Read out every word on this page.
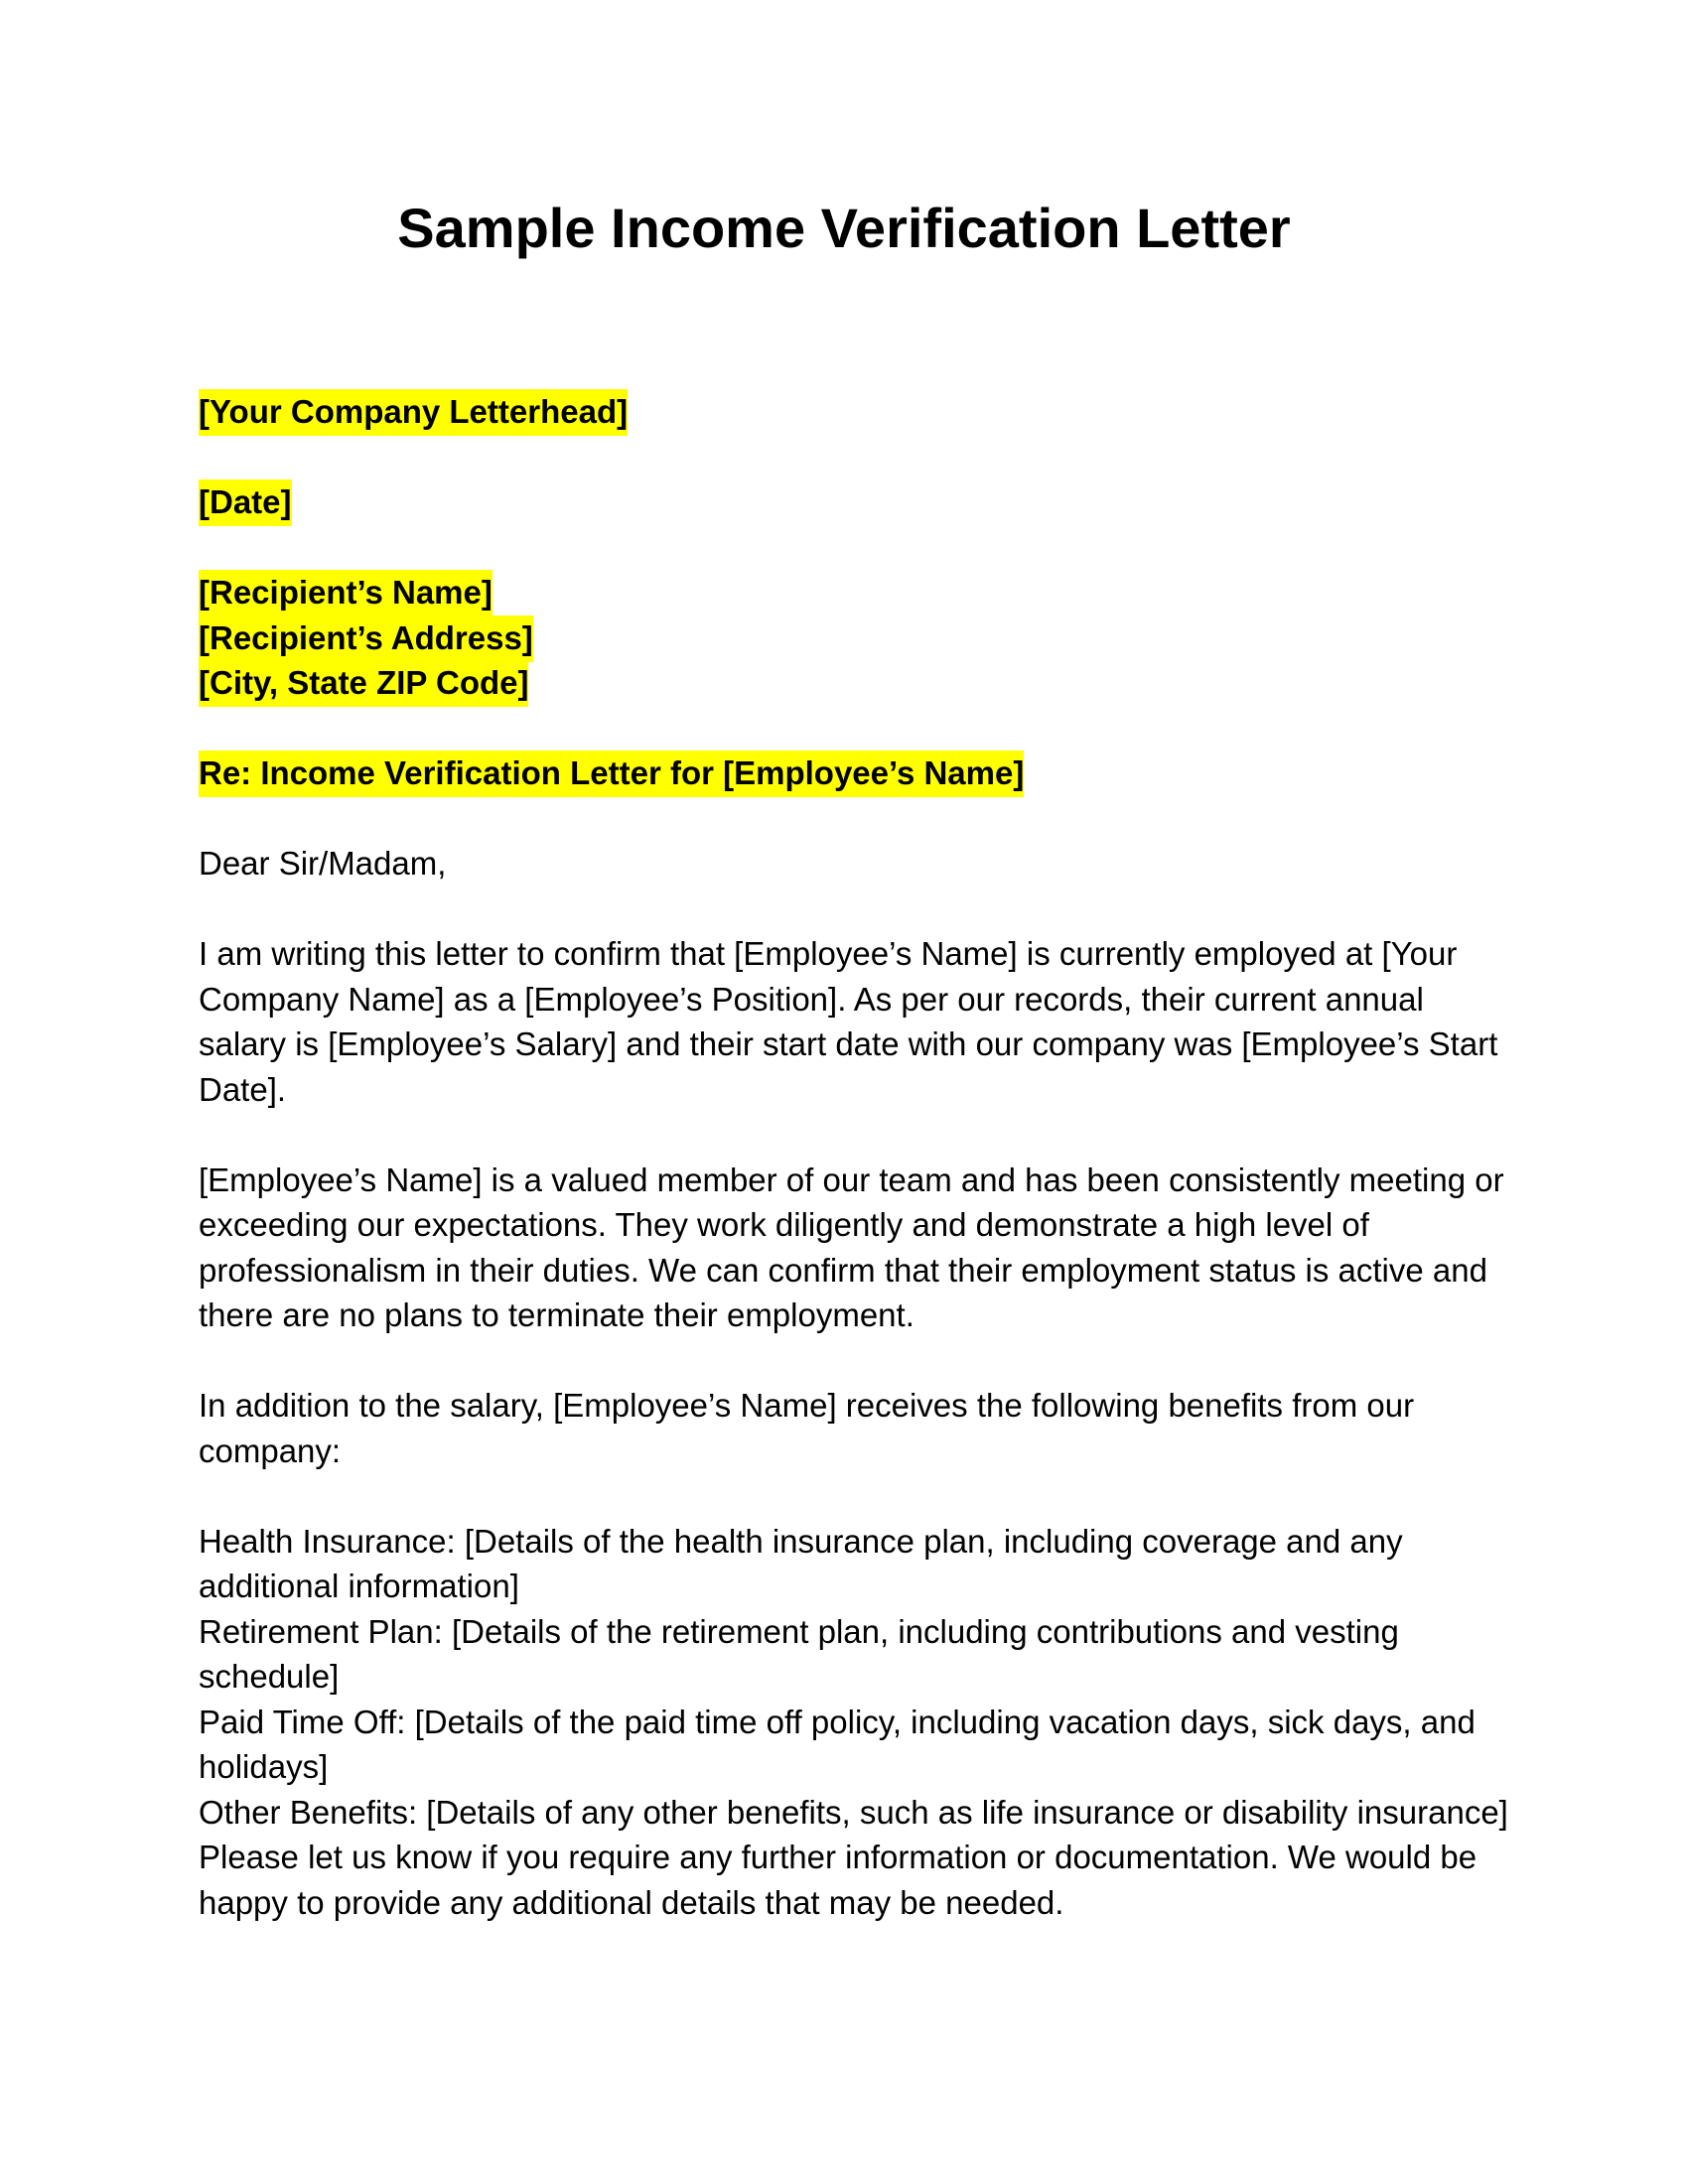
Sample Income Verification Letter
[Your Company Letterhead]
[Date]
[Recipient’s Name]
[Recipient’s Address]
[City, State ZIP Code]
Re: Income Verification Letter for [Employee’s Name]

Dear Sir/Madam,

I am writing this letter to confirm that [Employee’s Name] is currently employed at [Your Company Name] as a [Employee’s Position]. As per our records, their current annual salary is [Employee’s Salary] and their start date with our company was [Employee’s Start Date].

[Employee’s Name] is a valued member of our team and has been consistently meeting or exceeding our expectations. They work diligently and demonstrate a high level of professionalism in their duties. We can confirm that their employment status is active and there are no plans to terminate their employment.

In addition to the salary, [Employee’s Name] receives the following benefits from our company:

Health Insurance: [Details of the health insurance plan, including coverage and any additional information]

Retirement Plan: [Details of the retirement plan, including contributions and vesting schedule]

Paid Time Off: [Details of the paid time off policy, including vacation days, sick days, and holidays]

Other Benefits: [Details of any other benefits, such as life insurance or disability insurance]

Please let us know if you require any further information or documentation. We would be happy to provide any additional details that may be needed.
